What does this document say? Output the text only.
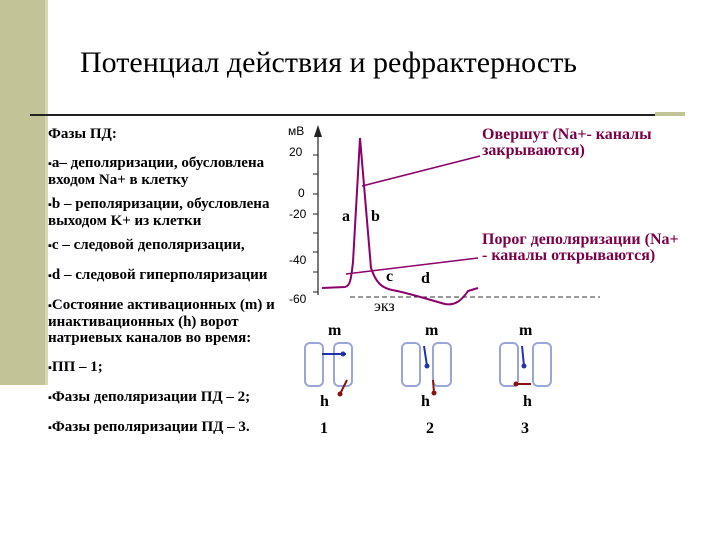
Потенциал действия и рефрактерность

Фазы ПД:

▪a– деполяризации, обусловлена входом Na+ в клетку

▪b – реполяризации, обусловлена выходом K+ из клетки

▪c – следовой деполяризации,

▪d – следовой гиперполяризации

▪Состояние активационных (m) и инактивационных (h) ворот натриевых каналов во время:

▪ПП – 1;

▪Фазы деполяризации ПД – 2;

▪Фазы реполяризации ПД – 3.

мВ
20
0
-20
-40
-60
a b
c d
экз
Овершут (Na+- каналы закрываются)
Порог деполяризации (Na+ - каналы открываются)
m	m	m
h	h	h
1	2	3
